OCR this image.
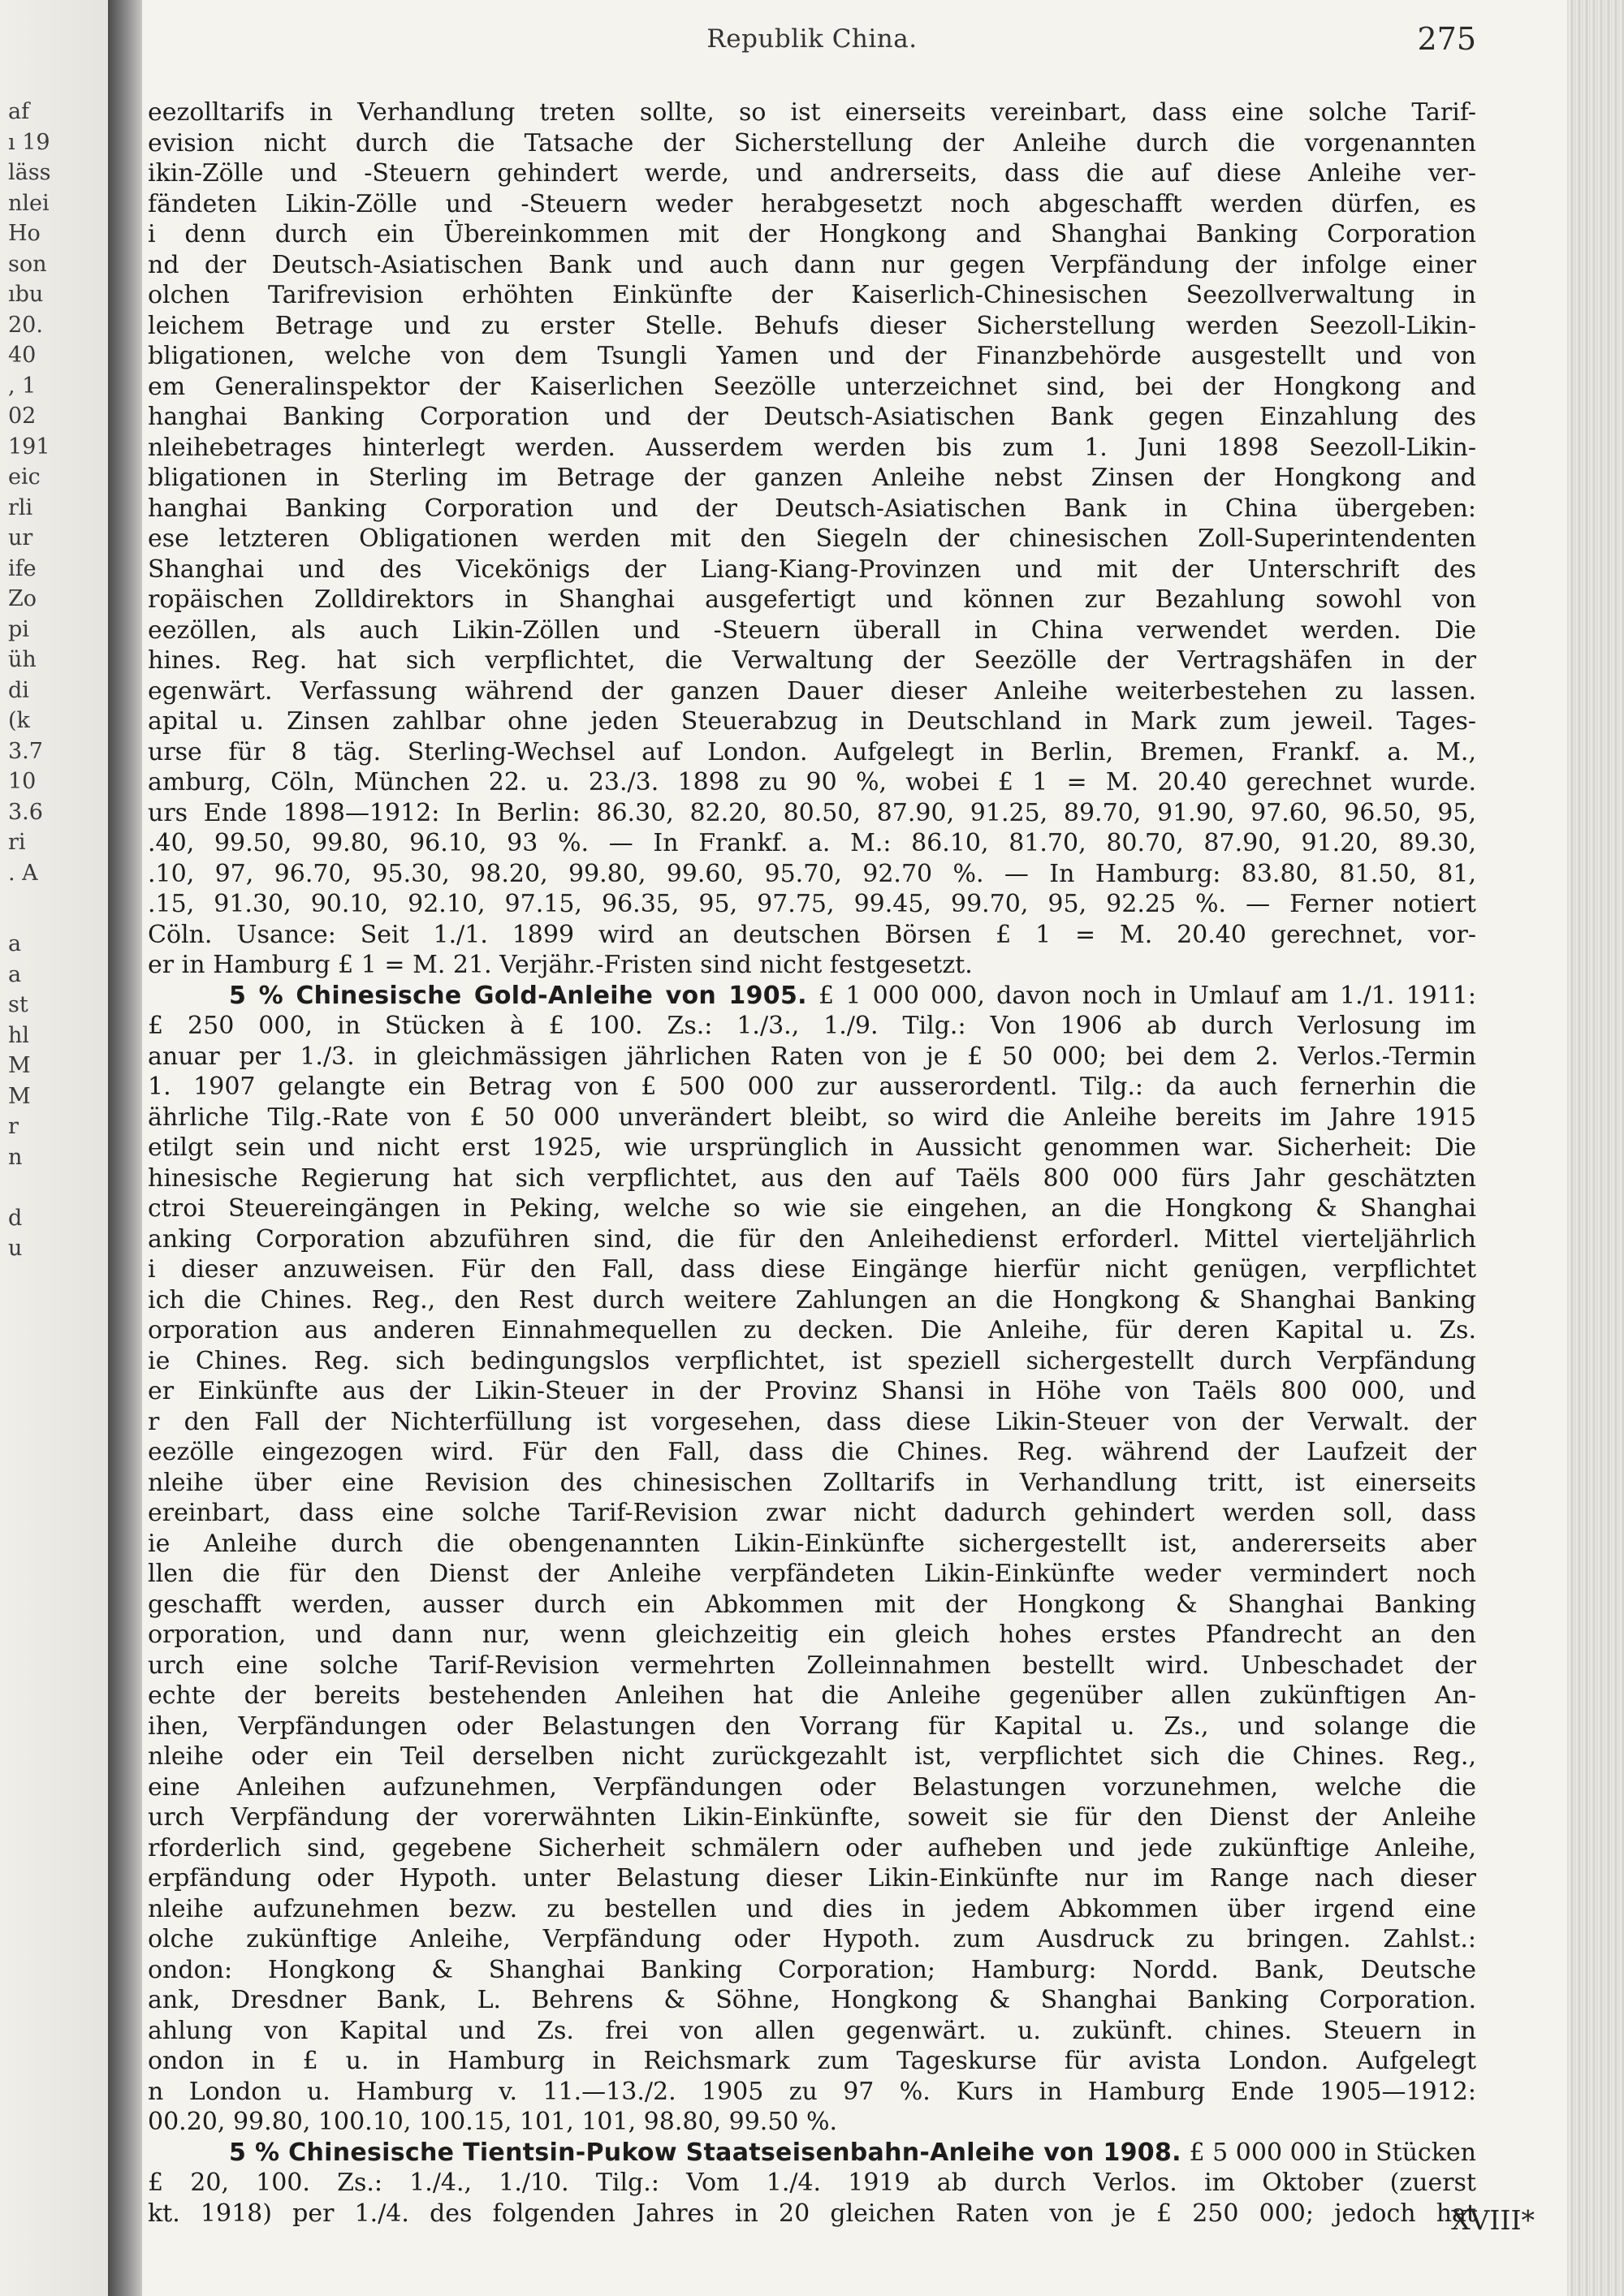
af
ı 19
läss
nlei
Ho
son
ıbu
20.
40
, 1
02
191
eic
rli
ur
ife
Zo
pi
üh
di
(k
3.7
10
3.6
ri
. A
a
a
st
hl
M
M
r
n
d
u
Republik China.	275
eezolltarifs in Verhandlung treten sollte, so ist einerseits vereinbart, dass eine solche Tarif-
evision nicht durch die Tatsache der Sicherstellung der Anleihe durch die vorgenannten
ikin-Zölle und -Steuern gehindert werde, und andrerseits, dass die auf diese Anleihe ver-
fändeten Likin-Zölle und -Steuern weder herabgesetzt noch abgeschafft werden dürfen, es
i denn durch ein Übereinkommen mit der Hongkong and Shanghai Banking Corporation
nd der Deutsch-Asiatischen Bank und auch dann nur gegen Verpfändung der infolge einer
olchen Tarifrevision erhöhten Einkünfte der Kaiserlich-Chinesischen Seezollverwaltung in
leichem Betrage und zu erster Stelle. Behufs dieser Sicherstellung werden Seezoll-Likin-
bligationen, welche von dem Tsungli Yamen und der Finanzbehörde ausgestellt und von
em Generalinspektor der Kaiserlichen Seezölle unterzeichnet sind, bei der Hongkong and
hanghai Banking Corporation und der Deutsch-Asiatischen Bank gegen Einzahlung des
nleihebetrages hinterlegt werden. Ausserdem werden bis zum 1. Juni 1898 Seezoll-Likin-
bligationen in Sterling im Betrage der ganzen Anleihe nebst Zinsen der Hongkong and
hanghai Banking Corporation und der Deutsch-Asiatischen Bank in China übergeben:
ese letzteren Obligationen werden mit den Siegeln der chinesischen Zoll-Superintendenten
Shanghai und des Vicekönigs der Liang-Kiang-Provinzen und mit der Unterschrift des
ropäischen Zolldirektors in Shanghai ausgefertigt und können zur Bezahlung sowohl von
eezöllen, als auch Likin-Zöllen und -Steuern überall in China verwendet werden. Die
hines. Reg. hat sich verpflichtet, die Verwaltung der Seezölle der Vertragshäfen in der
egenwärt. Verfassung während der ganzen Dauer dieser Anleihe weiterbestehen zu lassen.
apital u. Zinsen zahlbar ohne jeden Steuerabzug in Deutschland in Mark zum jeweil. Tages-
urse für 8 täg. Sterling-Wechsel auf London. Aufgelegt in Berlin, Bremen, Frankf. a. M.,
amburg, Cöln, München 22. u. 23./3. 1898 zu 90 %, wobei £ 1 = M. 20.40 gerechnet wurde.
urs Ende 1898—1912: In Berlin: 86.30, 82.20, 80.50, 87.90, 91.25, 89.70, 91.90, 97.60, 96.50, 95,
.40, 99.50, 99.80, 96.10, 93 %. — In Frankf. a. M.: 86.10, 81.70, 80.70, 87.90, 91.20, 89.30,
.10, 97, 96.70, 95.30, 98.20, 99.80, 99.60, 95.70, 92.70 %. — In Hamburg: 83.80, 81.50, 81,
.15, 91.30, 90.10, 92.10, 97.15, 96.35, 95, 97.75, 99.45, 99.70, 95, 92.25 %. — Ferner notiert
Cöln. Usance: Seit 1./1. 1899 wird an deutschen Börsen £ 1 = M. 20.40 gerechnet, vor-
er in Hamburg £ 1 = M. 21. Verjähr.-Fristen sind nicht festgesetzt.
5 % Chinesische Gold-Anleihe von 1905. £ 1 000 000, davon noch in Umlauf am 1./1. 1911:
£ 250 000, in Stücken à £ 100. Zs.: 1./3., 1./9. Tilg.: Von 1906 ab durch Verlosung im
anuar per 1./3. in gleichmässigen jährlichen Raten von je £ 50 000; bei dem 2. Verlos.-Termin
1. 1907 gelangte ein Betrag von £ 500 000 zur ausserordentl. Tilg.: da auch fernerhin die
ährliche Tilg.-Rate von £ 50 000 unverändert bleibt, so wird die Anleihe bereits im Jahre 1915
etilgt sein und nicht erst 1925, wie ursprünglich in Aussicht genommen war. Sicherheit: Die
hinesische Regierung hat sich verpflichtet, aus den auf Taëls 800 000 fürs Jahr geschätzten
ctroi Steuereingängen in Peking, welche so wie sie eingehen, an die Hongkong & Shanghai
anking Corporation abzuführen sind, die für den Anleihedienst erforderl. Mittel vierteljährlich
i dieser anzuweisen. Für den Fall, dass diese Eingänge hierfür nicht genügen, verpflichtet
ich die Chines. Reg., den Rest durch weitere Zahlungen an die Hongkong & Shanghai Banking
orporation aus anderen Einnahmequellen zu decken. Die Anleihe, für deren Kapital u. Zs.
ie Chines. Reg. sich bedingungslos verpflichtet, ist speziell sichergestellt durch Verpfändung
er Einkünfte aus der Likin-Steuer in der Provinz Shansi in Höhe von Taëls 800 000, und
r den Fall der Nichterfüllung ist vorgesehen, dass diese Likin-Steuer von der Verwalt. der
eezölle eingezogen wird. Für den Fall, dass die Chines. Reg. während der Laufzeit der
nleihe über eine Revision des chinesischen Zolltarifs in Verhandlung tritt, ist einerseits
ereinbart, dass eine solche Tarif-Revision zwar nicht dadurch gehindert werden soll, dass
ie Anleihe durch die obengenannten Likin-Einkünfte sichergestellt ist, andererseits aber
llen die für den Dienst der Anleihe verpfändeten Likin-Einkünfte weder vermindert noch
geschafft werden, ausser durch ein Abkommen mit der Hongkong & Shanghai Banking
orporation, und dann nur, wenn gleichzeitig ein gleich hohes erstes Pfandrecht an den
urch eine solche Tarif-Revision vermehrten Zolleinnahmen bestellt wird. Unbeschadet der
echte der bereits bestehenden Anleihen hat die Anleihe gegenüber allen zukünftigen An-
ihen, Verpfändungen oder Belastungen den Vorrang für Kapital u. Zs., und solange die
nleihe oder ein Teil derselben nicht zurückgezahlt ist, verpflichtet sich die Chines. Reg.,
eine Anleihen aufzunehmen, Verpfändungen oder Belastungen vorzunehmen, welche die
urch Verpfändung der vorerwähnten Likin-Einkünfte, soweit sie für den Dienst der Anleihe
rforderlich sind, gegebene Sicherheit schmälern oder aufheben und jede zukünftige Anleihe,
erpfändung oder Hypoth. unter Belastung dieser Likin-Einkünfte nur im Range nach dieser
nleihe aufzunehmen bezw. zu bestellen und dies in jedem Abkommen über irgend eine
olche zukünftige Anleihe, Verpfändung oder Hypoth. zum Ausdruck zu bringen. Zahlst.:
ondon: Hongkong & Shanghai Banking Corporation; Hamburg: Nordd. Bank, Deutsche
ank, Dresdner Bank, L. Behrens & Söhne, Hongkong & Shanghai Banking Corporation.
ahlung von Kapital und Zs. frei von allen gegenwärt. u. zukünft. chines. Steuern in
ondon in £ u. in Hamburg in Reichsmark zum Tageskurse für avista London. Aufgelegt
n London u. Hamburg v. 11.—13./2. 1905 zu 97 %. Kurs in Hamburg Ende 1905—1912:
00.20, 99.80, 100.10, 100.15, 101, 101, 98.80, 99.50 %.
5 % Chinesische Tientsin-Pukow Staatseisenbahn-Anleihe von 1908. £ 5 000 000 in Stücken
£ 20, 100. Zs.: 1./4., 1./10. Tilg.: Vom 1./4. 1919 ab durch Verlos. im Oktober (zuerst
kt. 1918) per 1./4. des folgenden Jahres in 20 gleichen Raten von je £ 250 000; jedoch hat
XVIII*
